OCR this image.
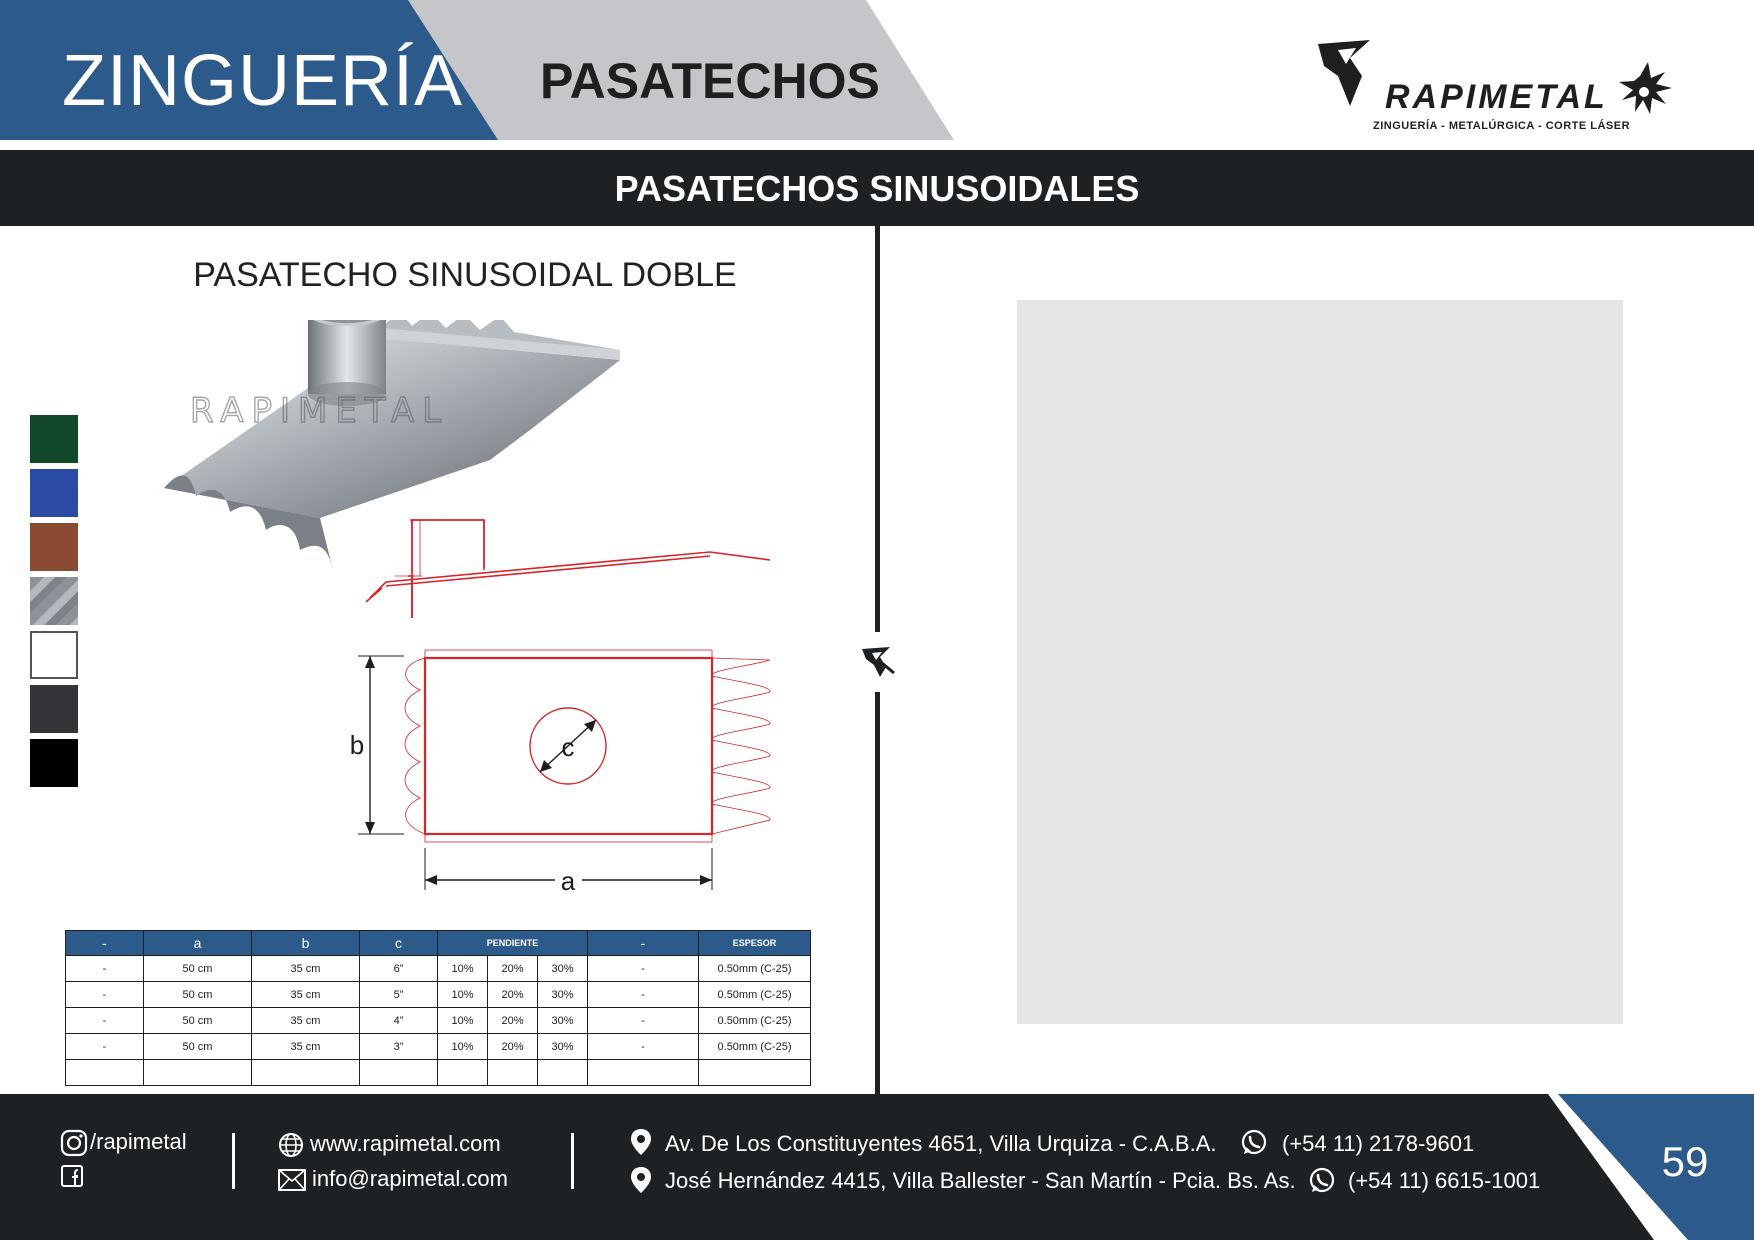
ZINGUERÍA PASATECHOS	RAPIMETAL
ZINGUERÍA - METALÚRGICA - CORTE LÁSER
PASATECHOS SINUSOIDALES
PASATECHO SINUSOIDAL DOBLE
RAPIMETAL
b	c
a
-	a	b	c	PENDIENTE			-	ESPESOR
-	50 cm	35 cm	6”	10%	20%	30%	-	0.50mm (C-25)
-	50 cm	35 cm	5”	10%	20%	30%	-	0.50mm (C-25)
-	50 cm	35 cm	4”	10%	20%	30%	-	0.50mm (C-25)
-	50 cm	35 cm	3”	10%	20%	30%	-	0.50mm (C-25)

59
/rapimetal	www.rapimetal.com
info@rapimetal.com
Av. De Los Constituyentes 4651, Villa Urquiza - C.A.B.A.	(+54 11) 2178-9601
José Hernández 4415, Villa Ballester - San Martín - Pcia. Bs. As. (+54 11) 6615-1001
